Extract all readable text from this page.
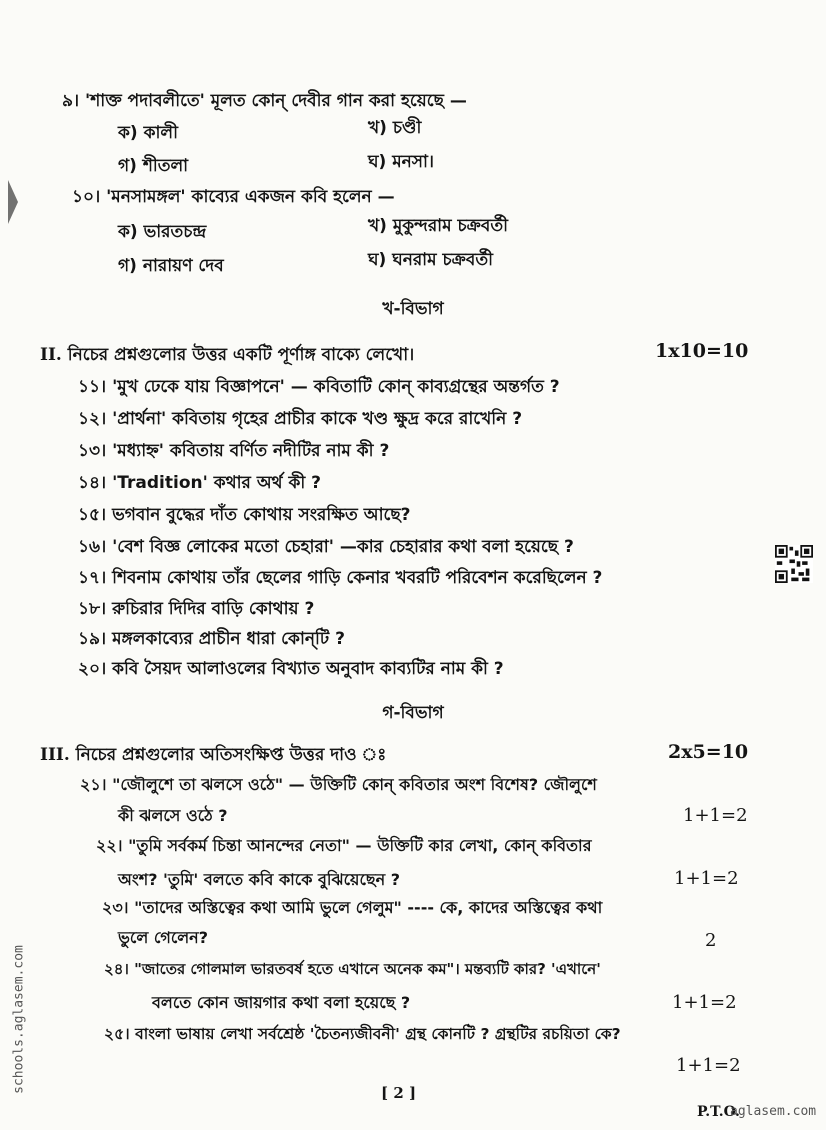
৯। 'শাক্ত পদাবলীতে' মূলত কোন্ দেবীর গান করা হয়েছে —
ক) কালী	খ) চণ্ডী
গ) শীতলা	ঘ) মনসা।
১০। 'মনসামঙ্গল' কাব্যের একজন কবি হলেন —
ক) ভারতচন্দ্র	খ) মুকুন্দরাম চক্রবর্তী
গ) নারায়ণ দেব	ঘ) ঘনরাম চক্রবর্তী
খ-বিভাগ
II. নিচের প্রশ্নগুলোর উত্তর একটি পূর্ণাঙ্গ বাক্যে লেখো।	1x10=10
১১। 'মুখ ঢেকে যায় বিজ্ঞাপনে' — কবিতাটি কোন্ কাব্যগ্রন্থের অন্তর্গত ?
১২। 'প্রার্থনা' কবিতায় গৃহের প্রাচীর কাকে খণ্ড ক্ষুদ্র করে রাখেনি ?
১৩। 'মধ্যাহ্ন' কবিতায় বর্ণিত নদীটির নাম কী ?
১৪। 'Tradition' কথার অর্থ কী ?
১৫। ভগবান বুদ্ধের দাঁত কোথায় সংরক্ষিত আছে?
১৬। 'বেশ বিজ্ঞ লোকের মতো চেহারা' —কার চেহারার কথা বলা হয়েছে ?
১৭। শিবনাম কোথায় তাঁর ছেলের গাড়ি কেনার খবরটি পরিবেশন করেছিলেন ?
১৮। রুচিরার দিদির বাড়ি কোথায় ?
১৯। মঙ্গলকাব্যের প্রাচীন ধারা কোন্‌টি ?
২০। কবি সৈয়দ আলাওলের বিখ্যাত অনুবাদ কাব্যটির নাম কী ?
গ-বিভাগ
III. নিচের প্রশ্নগুলোর অতিসংক্ষিপ্ত উত্তর দাও ঃ	2x5=10
২১। "জৌলুশে তা ঝলসে ওঠে" — উক্তিটি কোন্ কবিতার অংশ বিশেষ? জৌলুশে
কী ঝলসে ওঠে ?	1+1=2
২২। "তুমি সর্বকর্ম চিন্তা আনন্দের নেতা" — উক্তিটি কার লেখা, কোন্ কবিতার
অংশ? 'তুমি' বলতে কবি কাকে বুঝিয়েছেন ?	1+1=2
২৩। "তাদের অস্তিত্বের কথা আমি ভুলে গেলুম" ---- কে, কাদের অস্তিত্বের কথা
ভুলে গেলেন?	2
২৪। "জাতের গোলমাল ভারতবর্ষ হতে এখানে অনেক কম"। মন্তব্যটি কার? 'এখানে'
বলতে কোন জায়গার কথা বলা হয়েছে ?	1+1=2
২৫। বাংলা ভাষায় লেখা সর্বশ্রেষ্ঠ 'চৈতন্যজীবনী' গ্রন্থ কোনটি ? গ্রন্থটির রচয়িতা কে?
1+1=2
[ 2 ]
P.T.O.
aglasem.com
schools.aglasem.com
